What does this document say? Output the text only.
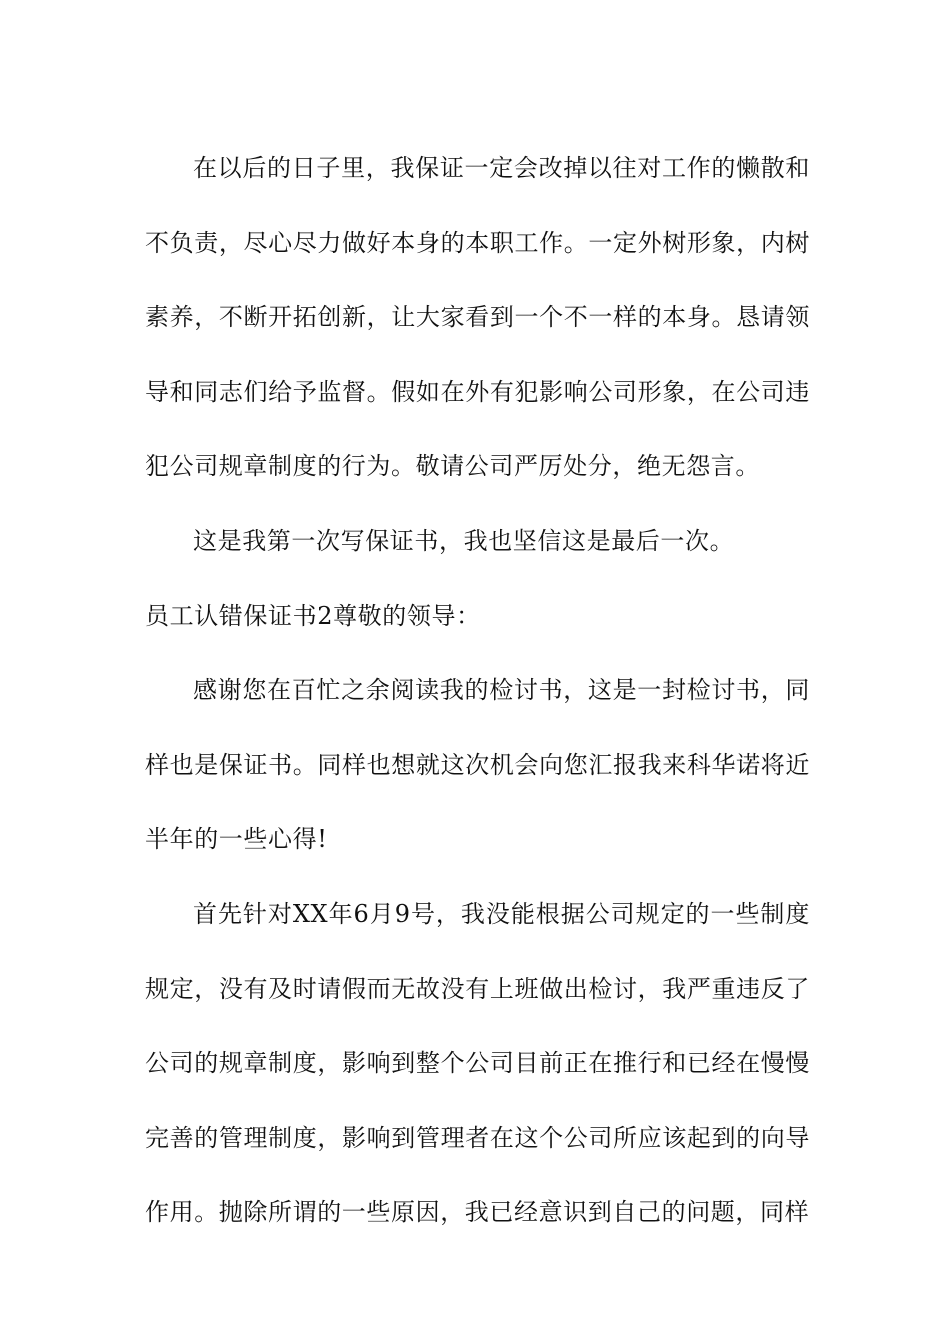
在以后的日子里，我保证一定会改掉以往对工作的懒散和不负责，尽心尽力做好本身的本职工作。一定外树形象，内树素养，不断开拓创新，让大家看到一个不一样的本身。恳请领导和同志们给予监督。假如在外有犯影响公司形象，在公司违犯公司规章制度的行为。敬请公司严厉处分，绝无怨言。

这是我第一次写保证书，我也坚信这是最后一次。

员工认错保证书2尊敬的领导：

感谢您在百忙之余阅读我的检讨书，这是一封检讨书，同样也是保证书。同样也想就这次机会向您汇报我来科华诺将近半年的一些心得!

首先针对XX年6月9号，我没能根据公司规定的一些制度规定，没有及时请假而无故没有上班做出检讨，我严重违反了公司的规章制度，影响到整个公司目前正在推行和已经在慢慢完善的管理制度，影响到管理者在这个公司所应该起到的向导作用。抛除所谓的一些原因，我已经意识到自己的问题，同样
